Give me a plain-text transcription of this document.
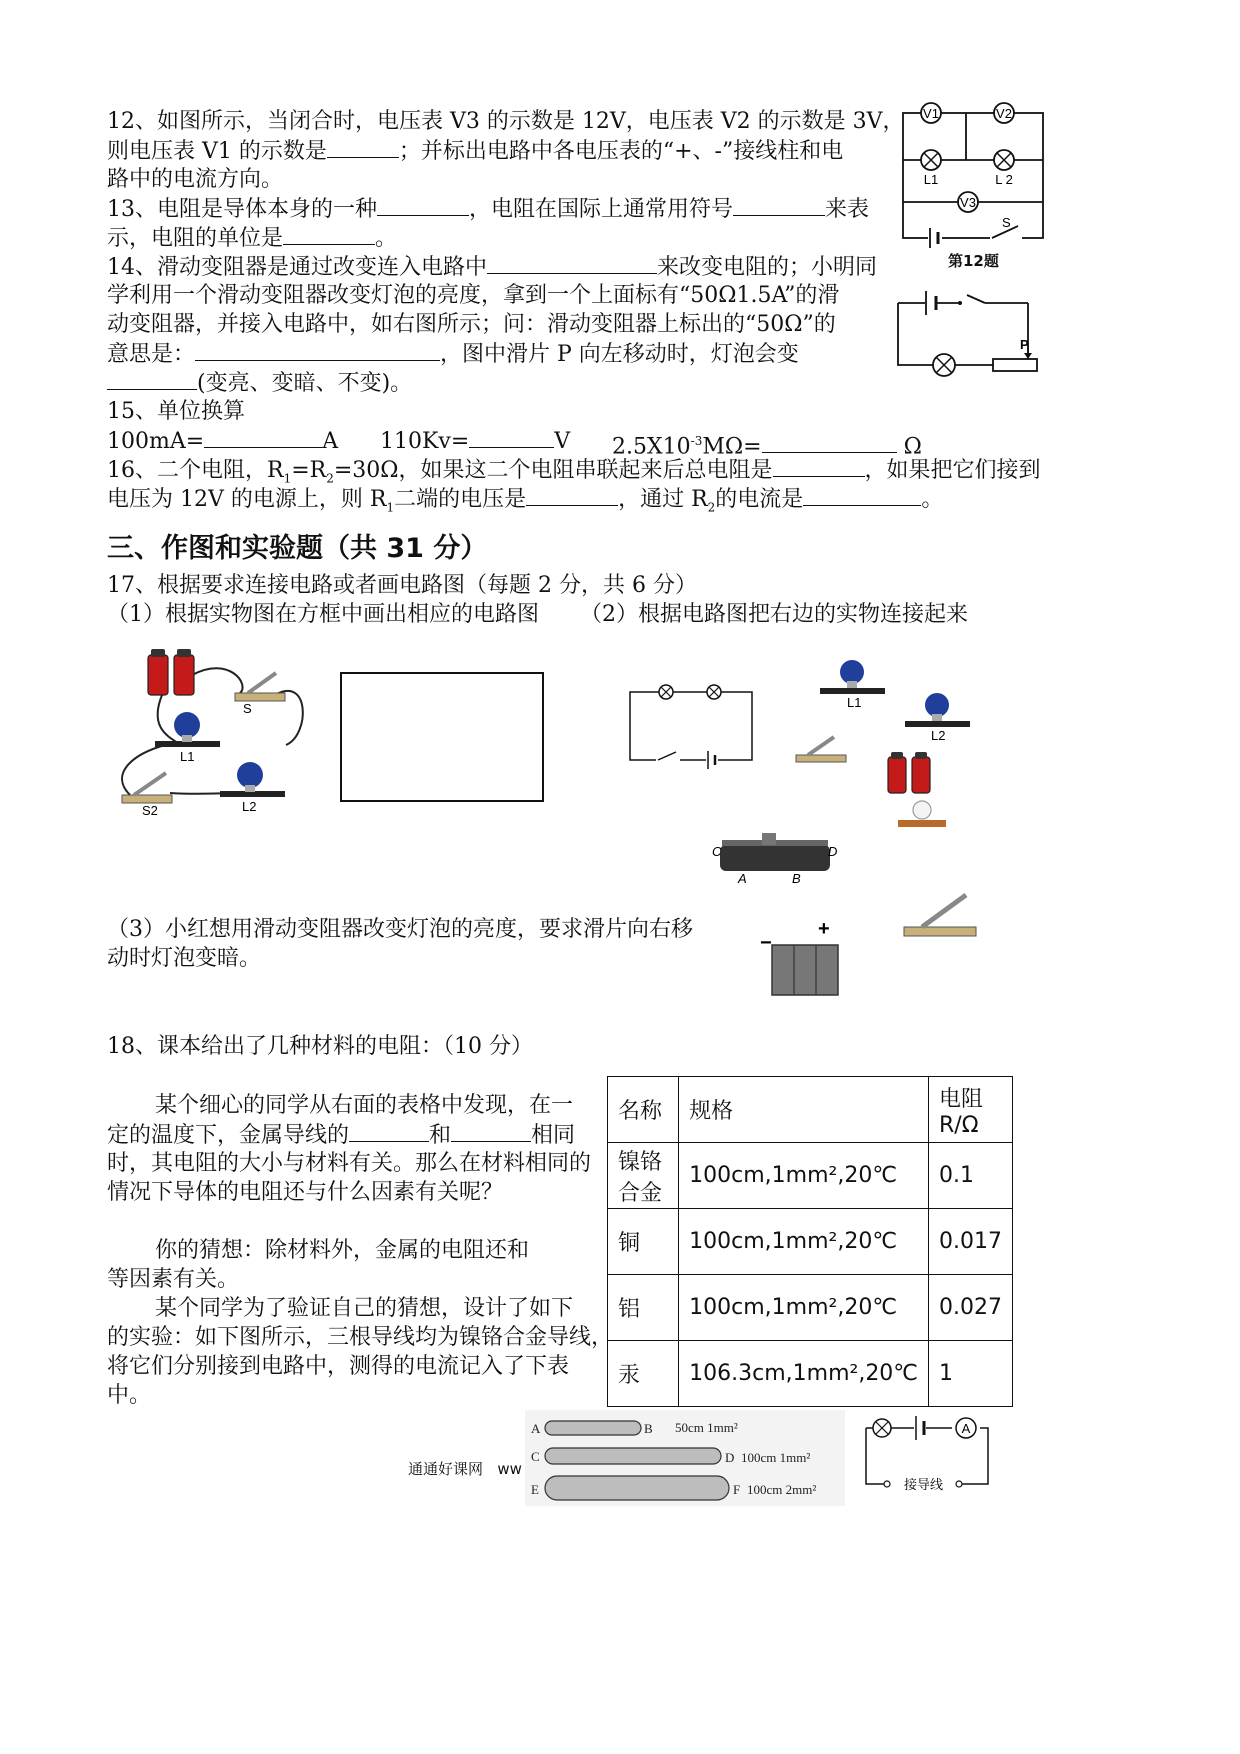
12、如图所示，当闭合时，电压表 V3 的示数是 12V，电压表 V2 的示数是 3V，
则电压表 V1 的示数是	；并标出电路中各电压表的“+、-”接线柱和电
路中的电流方向。
V1	V2
L1	L 2
V3
S
第12题
13、电阻是导体本身的一种	，电阻在国际上通常用符号	来表
示，电阻的单位是	。
14、滑动变阻器是通过改变连入电路中	来改变电阻的；小明同
学利用一个滑动变阻器改变灯泡的亮度，拿到一个上面标有“50Ω1.5A”的滑
动变阻器，并接入电路中，如右图所示；问：滑动变阻器上标出的“50Ω”的
意思是：	，图中滑片 P 向左移动时，灯泡会变
(变亮、变暗、不变)。
P
15、单位换算
100mA=	A 110Kv=	V $2.5X10^{-3}M\Omega=$	Ω
16、二个电阻，$R_1=R_2=30\Omega$，如果这二个电阻串联起来后总电阻是	，如果把它们接到
电压为 12V 的电源上，则 $R_1$二端的电压是	，通过 $R_2$的电流是	。
三、作图和实验题（共 31 分）
17、根据要求连接电路或者画电路图（每题 2 分，共 6 分）
（1）根据实物图在方框中画出相应的电路图 （2）根据电路图把右边的实物连接起来
S
L1
S2	L2
L1
L2
C	D
A	B
+
−
（3）小红想用滑动变阻器改变灯泡的亮度，要求滑片向右移
动时灯泡变暗。
18、课本给出了几种材料的电阻：（10 分）
某个细心的同学从右面的表格中发现，在一
定的温度下，金属导线的	和	相同
时，其电阻的大小与材料有关。那么在材料相同的
情况下导体的电阻还与什么因素有关呢？
你的猜想：除材料外，金属的电阻还和
等因素有关。
某个同学为了验证自己的猜想，设计了如下
的实验：如下图所示，三根导线均为镍铬合金导线，
将它们分别接到电路中，测得的电流记入了下表
中。
名称	规格	电阻 R/Ω
镍铬合金	100cm,1mm²,20℃	0.1
铜	100cm,1mm²,20℃	0.017
铝	100cm,1mm²,20℃	0.027
汞	106.3cm,1mm²,20℃	1
A	B 50cm 1mm²
C	D 100cm 1mm²
E	F 100cm 2mm²
A
接导线
通通好课网 ww
